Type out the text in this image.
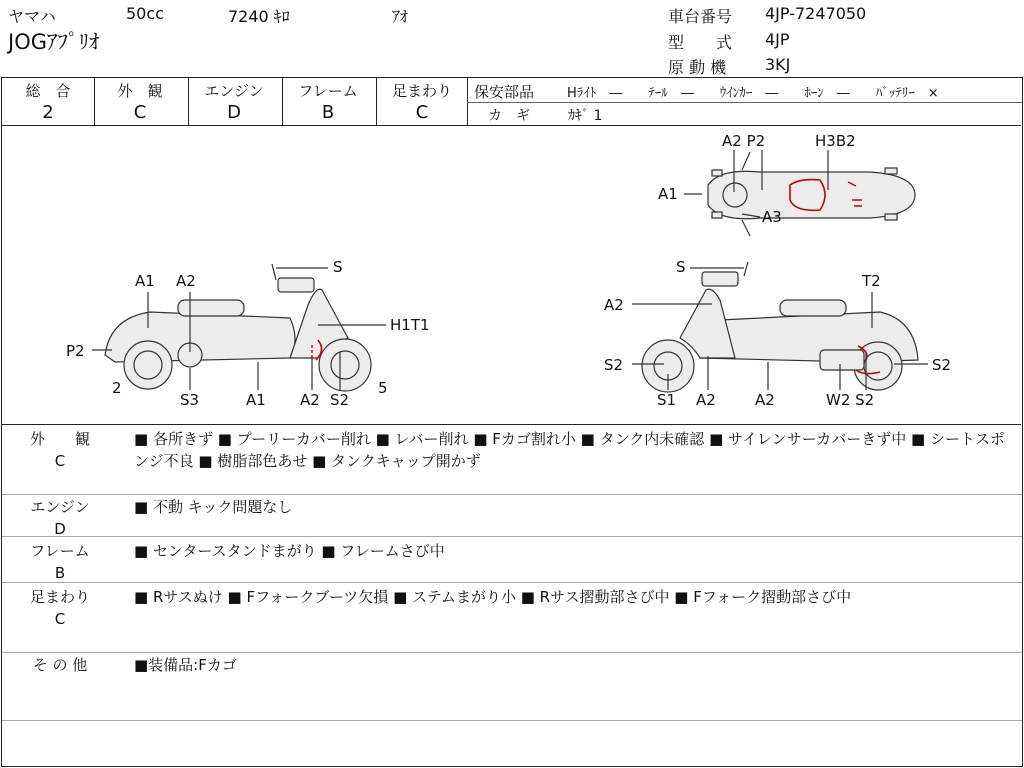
ヤマハ	50cc	7240 ｷﾛ	ｱｵ
JOGｱﾌﾟﾘｵ
車台番号 4JP-7247050
型　　式 4JP
原 動 機 3KJ
総　合
2
外　観
C
エンジン
D
フレーム
B
足まわり
C
保安部品	Hﾗｲﾄ　―　　ﾃｰﾙ　―　　ｳｲﾝｶｰ　―　　ﾎｰﾝ　―　　ﾊﾞｯﾃﾘｰ　×
カ　ギ	ｶｷﾞ 1
A2 P2	H3B2
A1
A3
A1 A2
S
H1T1
P2
2
S3	A1 A2 S2
5
S
T2
A2
S2	S2
S1 A2	A2	W2 S2
外　　観
C
■ 各所きず ■ プーリーカバー削れ ■ レバー削れ ■ Fカゴ割れ小 ■ タンク内未確認 ■ サイレンサーカバーきず中 ■ シートスポンジ不良 ■ 樹脂部色あせ ■ タンクキャップ開かず
エンジン
D
■ 不動 キック問題なし
フレーム
B
■ センタースタンドまがり ■ フレームさび中
足まわり
C
■ Rサスぬけ ■ Fフォークブーツ欠損 ■ ステムまがり小 ■ Rサス摺動部さび中 ■ Fフォーク摺動部さび中
そ の 他	■装備品:Fカゴ
